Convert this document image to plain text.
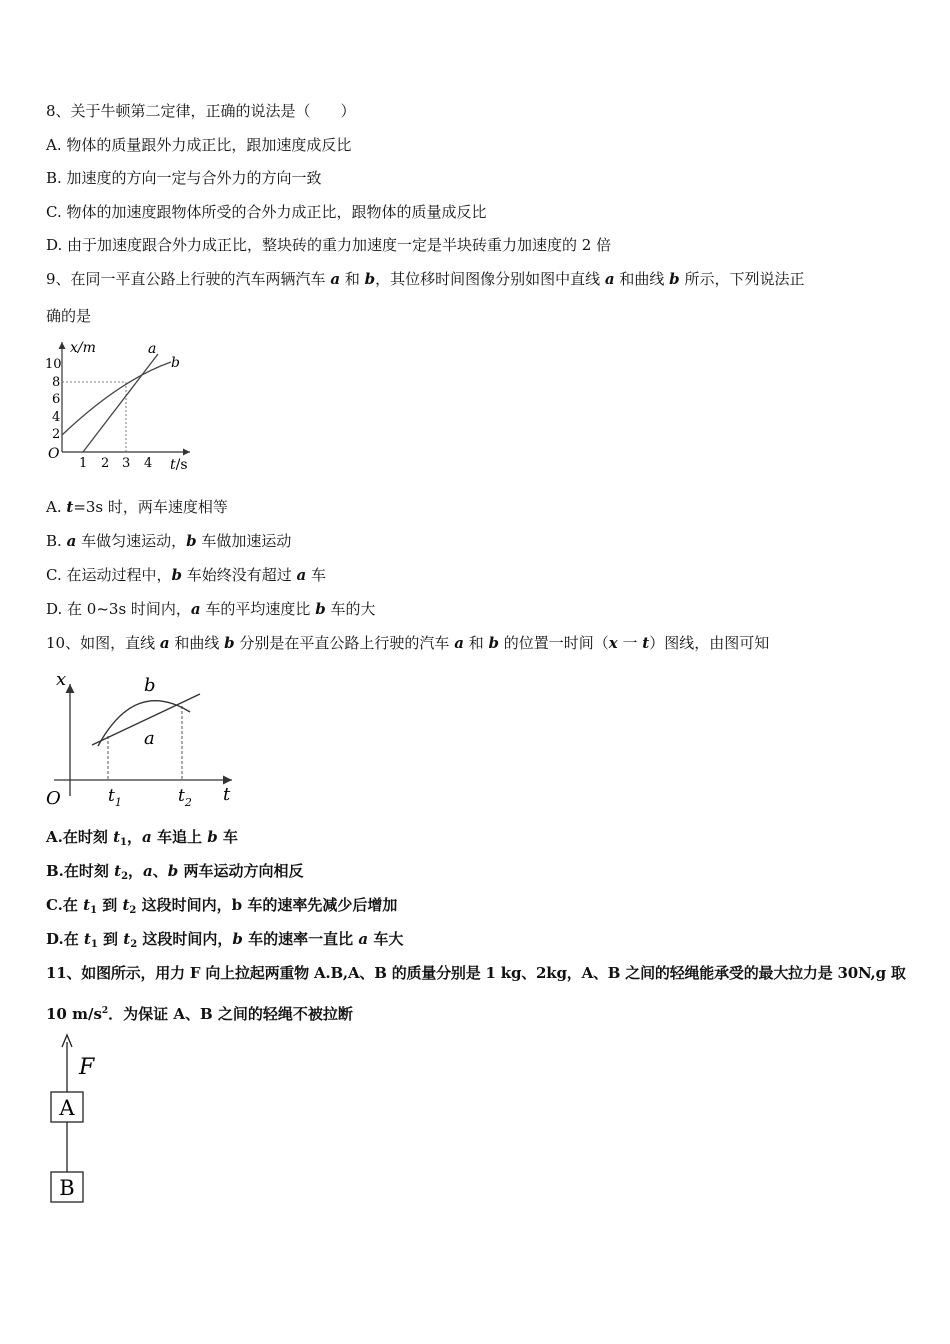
8、关于牛顿第二定律，正确的说法是（　　）
A. 物体的质量跟外力成正比，跟加速度成反比
B. 加速度的方向一定与合外力的方向一致
C. 物体的加速度跟物体所受的合外力成正比，跟物体的质量成反比
D. 由于加速度跟合外力成正比，整块砖的重力加速度一定是半块砖重力加速度的 2 倍
9、在同一平直公路上行驶的汽车两辆汽车 a 和 b，其位移时间图像分别如图中直线 a 和曲线 b 所示，下列说法正
确的是
x/m
O
10
8
6
4
2
1 2 3 4 t/s
a
b
A. t=3s 时，两车速度相等
B. a 车做匀速运动，b 车做加速运动
C. 在运动过程中，b 车始终没有超过 a 车
D. 在 0~3s 时间内，a 车的平均速度比 b 车的大
10、如图，直线 a 和曲线 b 分别是在平直公路上行驶的汽车 a 和 b 的位置一时间（x 一 t）图线，由图可知
x
O	t
b
a
$t_1$	$t_2$
A.在时刻 $t_1$，a 车追上 b 车
B.在时刻 $t_2$，a、b 两车运动方向相反
C.在 $t_1$ 到 $t_2$ 这段时间内，b 车的速率先减少后增加
D.在 $t_1$ 到 $t_2$ 这段时间内，b 车的速率一直比 a 车大
11、如图所示，用力 F 向上拉起两重物 A.B,A、B 的质量分别是 1 kg、2kg，A、B 之间的轻绳能承受的最大拉力是 30N,g 取
10 $m/s^2$．为保证 A、B 之间的轻绳不被拉断
F
A
B
